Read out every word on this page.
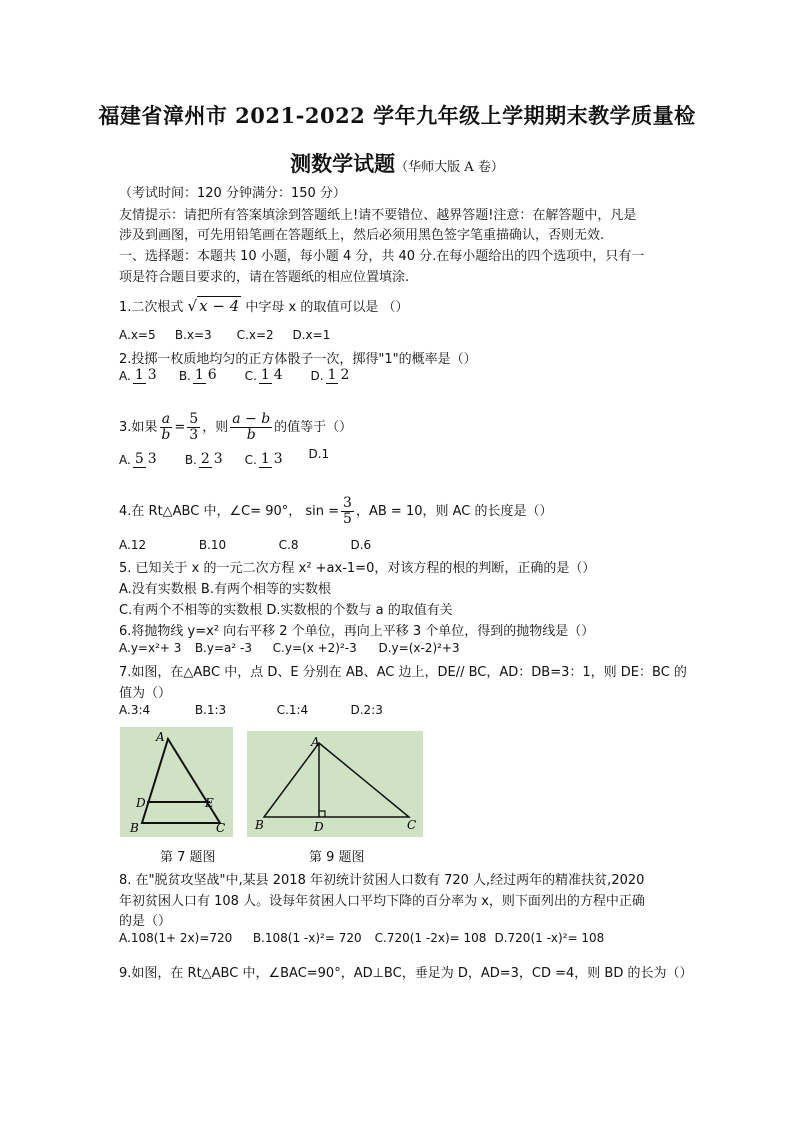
福建省漳州市 2021-2022 学年九年级上学期期末教学质量检
测数学试题（华师大版 A 卷）
（考试时间：120 分钟满分：150 分）
友情提示：请把所有答案填涂到答题纸上!请不要错位、越界答题!注意：在解答题中，凡是
涉及到画图，可先用铅笔画在答题纸上，然后必须用黑色签字笔重描确认，否则无效.
一、选择题：本题共 10 小题，每小题 4 分，共 40 分.在每小题给出的四个选项中，只有一
项是符合题目要求的，请在答题纸的相应位置填涂.
1.二次根式 √ x − 4 中字母 x 的取值可以是 （）
A.x=5 B.x=3 C.x=2 D.x=1
2.投掷一枚质地均匀的正方体骰子一次，掷得"1"的概率是（）
A. 1 3 B. 1 6 C. 1 4 D. 1 2
3.如果 $\frac{a}{b} = \frac{5}{3}$ ，则 $\frac{a - b}{b}$ 的值等于（）
A. 5 3 B. 2 3 C. 1 3 D.1
4.在 Rt△ABC 中，∠C= 90°， $\sin = \frac{3}{5}$ ，AB = 10，则 AC 的长度是（）
A.12	B.10	C.8	D.6
5. 已知关于 x 的一元二次方程 x² +ax-1=0，对该方程的根的判断，正确的是（）
A.没有实数根 B.有两个相等的实数根
C.有两个不相等的实数根 D.实数根的个数与 a 的取值有关
6.将抛物线 y=x² 向右平移 2 个单位，再向上平移 3 个单位，得到的抛物线是（）
A.y=x²+ 3 B.y=a² -3 C.y=(x +2)²-3 D.y=(x-2)²+3
7.如图，在△ABC 中，点 D、E 分别在 AB、AC 边上，DE// BC，AD：DB=3：1，则 DE：BC 的
值为（）
A.3:4	B.1:3	C.1:4	D.2:3
A
D	E
B	C
第 7 题图
A
B	D	C
第 9 题图
8. 在"脱贫攻坚战"中,某县 2018 年初统计贫困人口数有 720 人,经过两年的精准扶贫,2020
年初贫困人口有 108 人。设每年贫困人口平均下降的百分率为 x，则下面列出的方程中正确
的是（）
A.108(1+ 2x)=720 B.108(1 -x)²= 720 C.720(1 -2x)= 108 D.720(1 -x)²= 108
9.如图，在 Rt△ABC 中，∠BAC=90°，AD⊥BC，垂足为 D，AD=3，CD =4，则 BD 的长为（）
